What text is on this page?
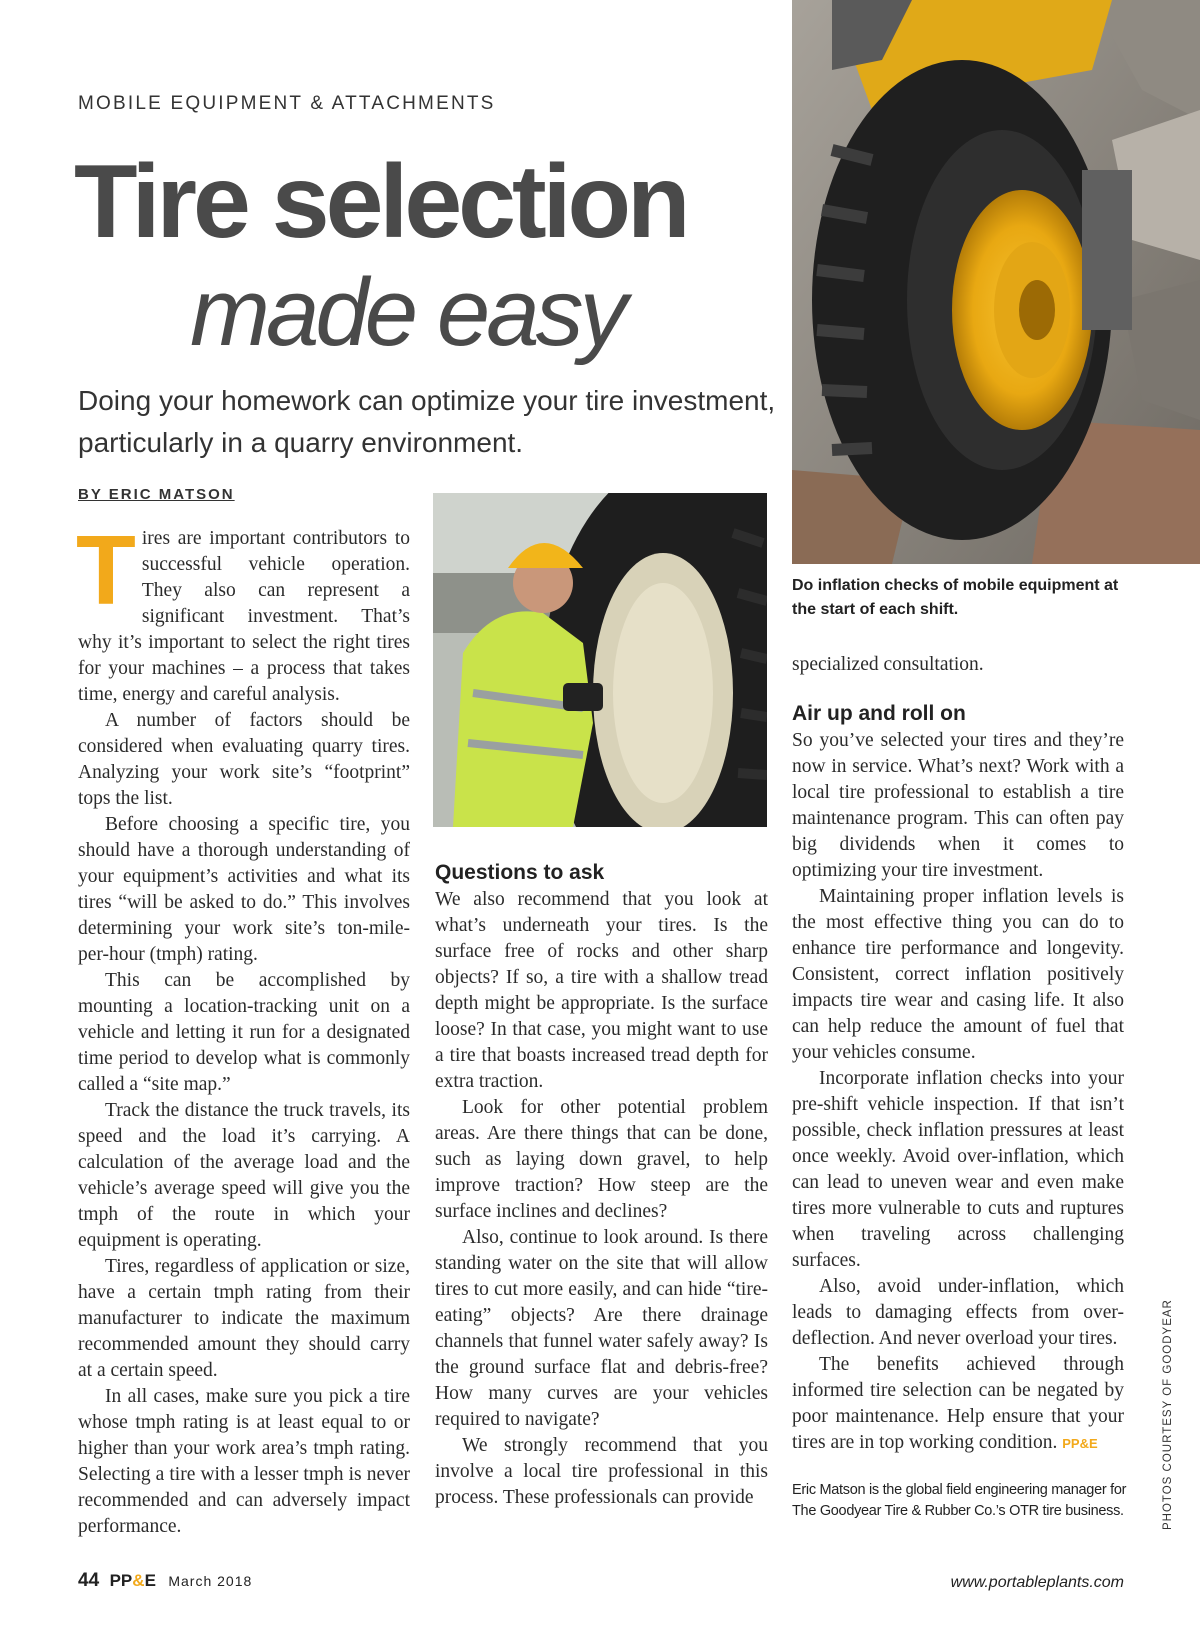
MOBILE EQUIPMENT & ATTACHMENTS
Tire selection
made easy
Doing your homework can optimize your tire investment, particularly in a quarry environment.
BY ERIC MATSON
Do inflation checks of mobile equipment at the start of each shift.
T ires are important contributors to successful vehicle operation. They also can represent a significant investment. That’s why it’s important to select the right tires for your machines – a process that takes time, energy and careful analysis.

A number of factors should be considered when evaluating quarry tires. Analyzing your work site’s “footprint” tops the list.

Before choosing a specific tire, you should have a thorough understanding of your equipment’s activities and what its tires “will be asked to do.” This involves determining your work site’s ton-mile-per-hour (tmph) rating.

This can be accomplished by mounting a location-tracking unit on a vehicle and letting it run for a designated time period to develop what is commonly called a “site map.”

Track the distance the truck travels, its speed and the load it’s carrying. A calculation of the average load and the vehicle’s average speed will give you the tmph of the route in which your equipment is operating.

Tires, regardless of application or size, have a certain tmph rating from their manufacturer to indicate the maximum recommended amount they should carry at a certain speed.

In all cases, make sure you pick a tire whose tmph rating is at least equal to or higher than your work area’s tmph rating. Selecting a tire with a lesser tmph is never recommended and can adversely impact performance.

Questions to ask

We also recommend that you look at what’s underneath your tires. Is the surface free of rocks and other sharp objects? If so, a tire with a shallow tread depth might be appropriate. Is the surface loose? In that case, you might want to use a tire that boasts increased tread depth for extra traction.

Look for other potential problem areas. Are there things that can be done, such as laying down gravel, to help improve traction? How steep are the surface inclines and declines?

Also, continue to look around. Is there standing water on the site that will allow tires to cut more easily, and can hide “tire-eating” objects? Are there drainage channels that funnel water safely away? Is the ground surface flat and debris-free? How many curves are your vehicles required to navigate?

We strongly recommend that you involve a local tire professional in this process. These professionals can provide

specialized consultation.

Air up and roll on

So you’ve selected your tires and they’re now in service. What’s next? Work with a local tire professional to establish a tire maintenance program. This can often pay big dividends when it comes to optimizing your tire investment.

Maintaining proper inflation levels is the most effective thing you can do to enhance tire performance and longevity. Consistent, correct inflation positively impacts tire wear and casing life. It also can help reduce the amount of fuel that your vehicles consume.

Incorporate inflation checks into your pre-shift vehicle inspection. If that isn’t possible, check inflation pressures at least once weekly. Avoid over-inflation, which can lead to uneven wear and even make tires more vulnerable to cuts and ruptures when traveling across challenging surfaces.

Also, avoid under-inflation, which leads to damaging effects from over-deflection. And never overload your tires.

The benefits achieved through informed tire selection can be negated by poor maintenance. Help ensure that your tires are in top working condition. PP&E

Eric Matson is the global field engineering manager for The Goodyear Tire & Rubber Co.’s OTR tire business.	PHOTOS COURTESY OF GOODYEAR
44 PP&E March 2018	www.portableplants.com
